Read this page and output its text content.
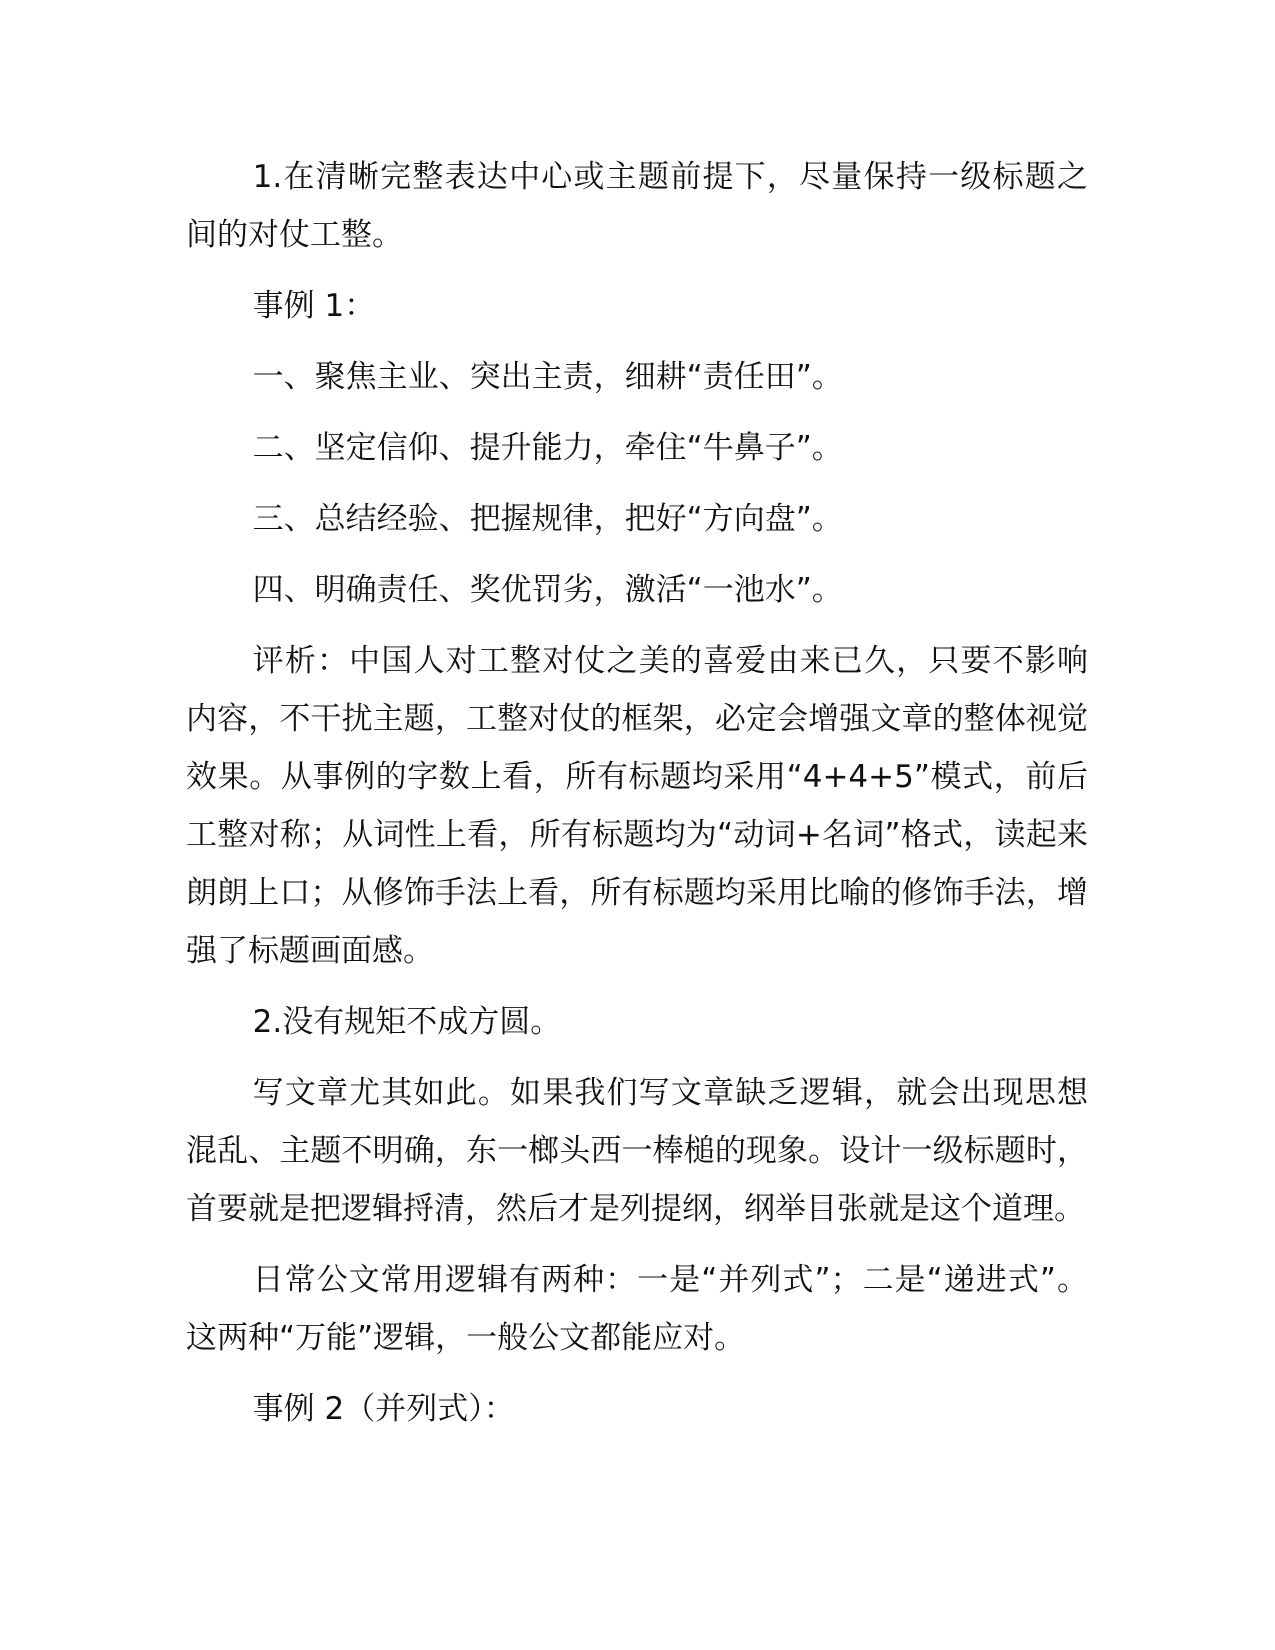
1.在清晰完整表达中心或主题前提下，尽量保持一级标题之间的对仗工整。

事例 1：

一、聚焦主业、突出主责，细耕“责任田”。

二、坚定信仰、提升能力，牵住“牛鼻子”。

三、总结经验、把握规律，把好“方向盘”。

四、明确责任、奖优罚劣，激活“一池水”。

评析：中国人对工整对仗之美的喜爱由来已久，只要不影响内容，不干扰主题，工整对仗的框架，必定会增强文章的整体视觉效果。从事例的字数上看，所有标题均采用“4+4+5”模式，前后工整对称；从词性上看，所有标题均为“动词+名词”格式，读起来朗朗上口；从修饰手法上看，所有标题均采用比喻的修饰手法，增强了标题画面感。

2.没有规矩不成方圆。

写文章尤其如此。如果我们写文章缺乏逻辑，就会出现思想混乱、主题不明确，东一榔头西一棒槌的现象。设计一级标题时，首要就是把逻辑捋清，然后才是列提纲，纲举目张就是这个道理。

日常公文常用逻辑有两种：一是“并列式”；二是“递进式”。这两种“万能”逻辑，一般公文都能应对。

事例 2（并列式）：
